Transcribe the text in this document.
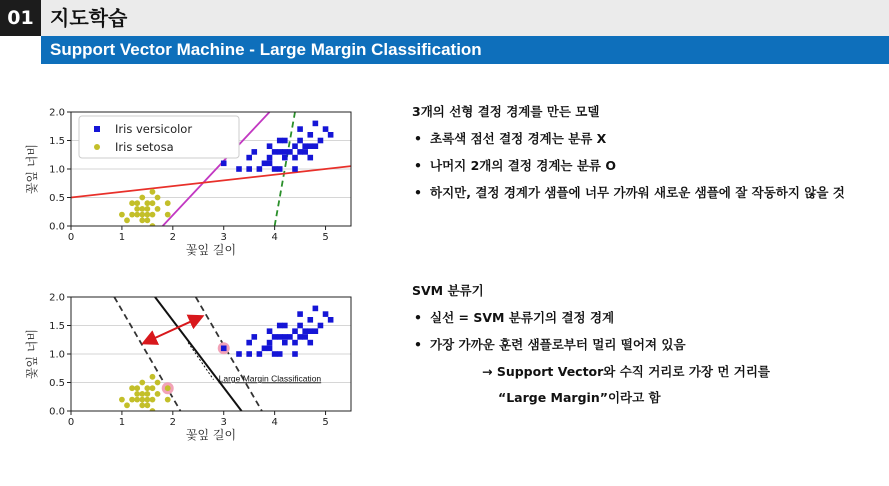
01 지도학습
Support Vector Machine - Large Margin Classification
0	1	2	3	4	5
0.0
0.5
1.0
1.5
2.0
꽃잎 길이
꽃잎 너비
Iris versicolor
Iris setosa
Large Margin Classification
0	1	2	3	4	5
0.0
0.5
1.0
1.5
2.0
꽃잎 길이
꽃잎 너비

3개의 선형 결정 경계를 만든 모델

• 초록색 점선 결정 경계는 분류 X
• 나머지 2개의 결정 경계는 분류 O
• 하지만, 결정 경계가 샘플에 너무 가까워 새로운 샘플에 잘 작동하지 않을 것

SVM 분류기

• 실선 = SVM 분류기의 결정 경계
• 가장 가까운 훈련 샘플로부터 멀리 떨어져 있음
→ Support Vector와 수직 거리로 가장 먼 거리를
“Large Margin”이라고 함
